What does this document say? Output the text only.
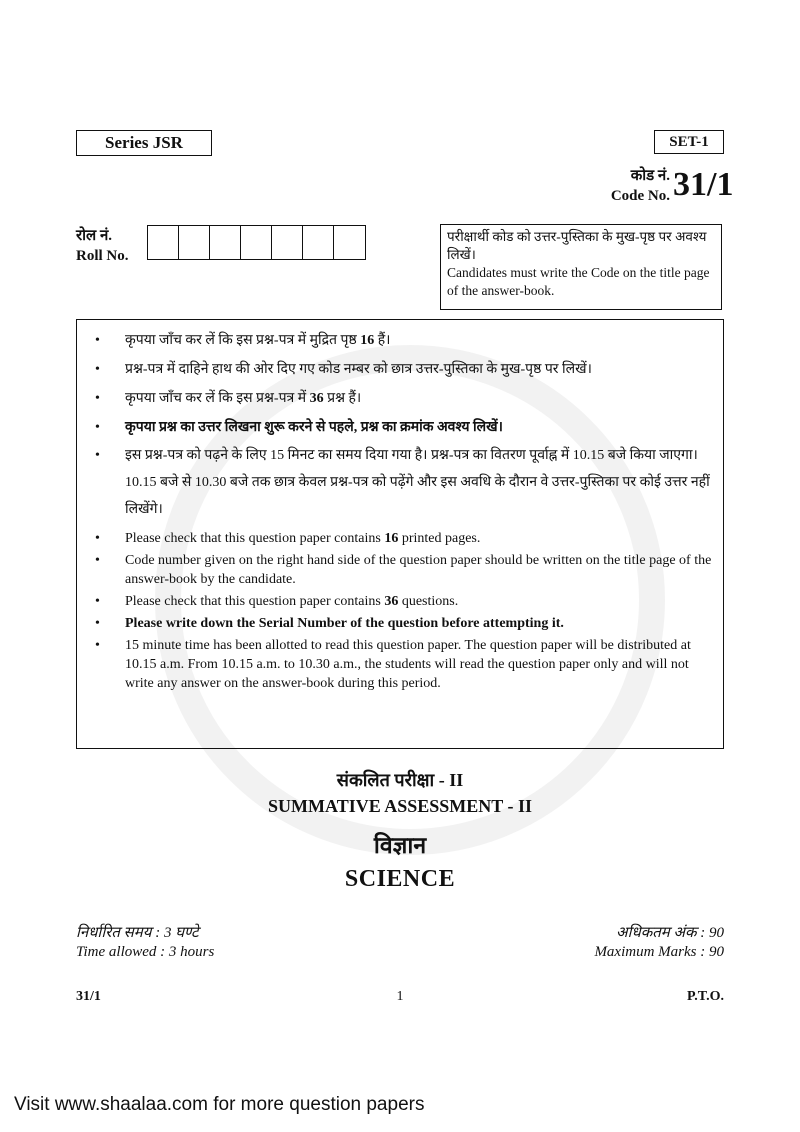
Series JSR	SET-1
कोड नं.
Code No. 31/1
रोल नं.
Roll No.

परीक्षार्थी कोड को उत्तर-पुस्तिका के मुख-पृष्ठ पर अवश्य लिखें।

Candidates must write the Code on the title page of the answer-book.

• कृपया जाँच कर लें कि इस प्रश्न-पत्र में मुद्रित पृष्ठ 16 हैं।
• प्रश्न-पत्र में दाहिने हाथ की ओर दिए गए कोड नम्बर को छात्र उत्तर-पुस्तिका के मुख-पृष्ठ पर लिखें।
• कृपया जाँच कर लें कि इस प्रश्न-पत्र में 36 प्रश्न हैं।
• कृपया प्रश्न का उत्तर लिखना शुरू करने से पहले, प्रश्न का क्रमांक अवश्य लिखें।
• इस प्रश्न-पत्र को पढ़ने के लिए 15 मिनट का समय दिया गया है। प्रश्न-पत्र का वितरण पूर्वाह्न में 10.15 बजे किया जाएगा। 10.15 बजे से 10.30 बजे तक छात्र केवल प्रश्न-पत्र को पढ़ेंगे और इस अवधि के दौरान वे उत्तर-पुस्तिका पर कोई उत्तर नहीं लिखेंगे।
• Please check that this question paper contains 16 printed pages.
• Code number given on the right hand side of the question paper should be written on the title page of the answer-book by the candidate.
• Please check that this question paper contains 36 questions.
• Please write down the Serial Number of the question before attempting it.
• 15 minute time has been allotted to read this question paper. The question paper will be distributed at 10.15 a.m. From 10.15 a.m. to 10.30 a.m., the students will read the question paper only and will not write any answer on the answer-book during this period.
संकलित परीक्षा - II
SUMMATIVE ASSESSMENT - II
विज्ञान
SCIENCE
निर्धारित समय : 3 घण्टे
Time allowed : 3 hours
अधिकतम अंक : 90
Maximum Marks : 90
31/1	1	P.T.O.
Visit www.shaalaa.com for more question papers
